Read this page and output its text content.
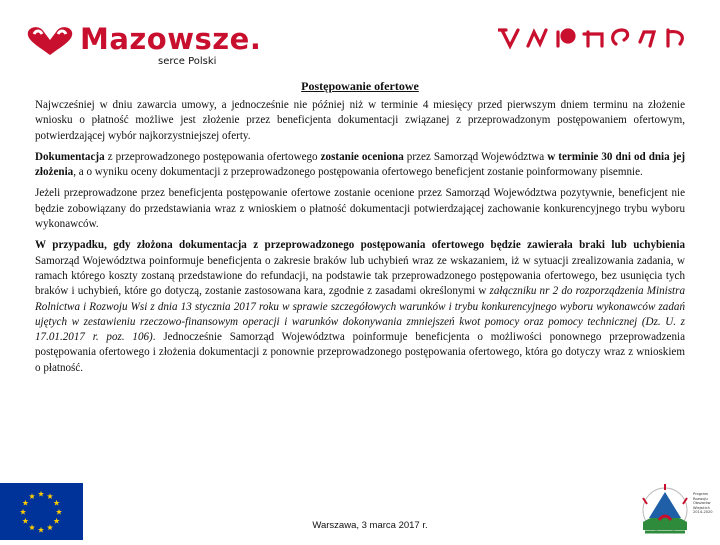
Mazowsze.
serce Polski
Postępowanie ofertowe

Najwcześniej w dniu zawarcia umowy, a jednocześnie nie później niż w terminie 4 miesięcy przed pierwszym dniem terminu na złożenie wniosku o płatność możliwe jest złożenie przez beneficjenta dokumentacji związanej z przeprowadzonym postępowaniem ofertowym, potwierdzającej wybór najkorzystniejszej oferty.

Dokumentacja z przeprowadzonego postępowania ofertowego zostanie oceniona przez Samorząd Województwa w terminie 30 dni od dnia jej złożenia, a o wyniku oceny dokumentacji z przeprowadzonego postępowania ofertowego beneficjent zostanie poinformowany pisemnie.

Jeżeli przeprowadzone przez beneficjenta postępowanie ofertowe zostanie ocenione przez Samorząd Województwa pozytywnie, beneficjent nie będzie zobowiązany do przedstawiania wraz z wnioskiem o płatność dokumentacji potwierdzającej zachowanie konkurencyjnego trybu wyboru wykonawców.

W przypadku, gdy złożona dokumentacja z przeprowadzonego postępowania ofertowego będzie zawierała braki lub uchybienia Samorząd Województwa poinformuje beneficjenta o zakresie braków lub uchybień wraz ze wskazaniem, iż w sytuacji zrealizowania zadania, w ramach którego koszty zostaną przedstawione do refundacji, na podstawie tak przeprowadzonego postępowania ofertowego, bez usunięcia tych braków i uchybień, które go dotyczą, zostanie zastosowana kara, zgodnie z zasadami określonymi w załączniku nr 2 do rozporządzenia Ministra Rolnictwa i Rozwoju Wsi z dnia 13 stycznia 2017 roku w sprawie szczegółowych warunków i trybu konkurencyjnego wyboru wykonawców zadań ujętych w zestawieniu rzeczowo-finansowym operacji i warunków dokonywania zmniejszeń kwot pomocy oraz pomocy technicznej (Dz. U. z 17.01.2017 r. poz. 106). Jednocześnie Samorząd Województwa poinformuje beneficjenta o możliwości ponownego przeprowadzenia postępowania ofertowego i złożenia dokumentacji z ponownie przeprowadzonego postępowania ofertowego, która go dotyczy wraz z wnioskiem o płatność.

Program Rozwoju Obszarów Wiejskich 2014-2020
Warszawa, 3 marca 2017 r.
